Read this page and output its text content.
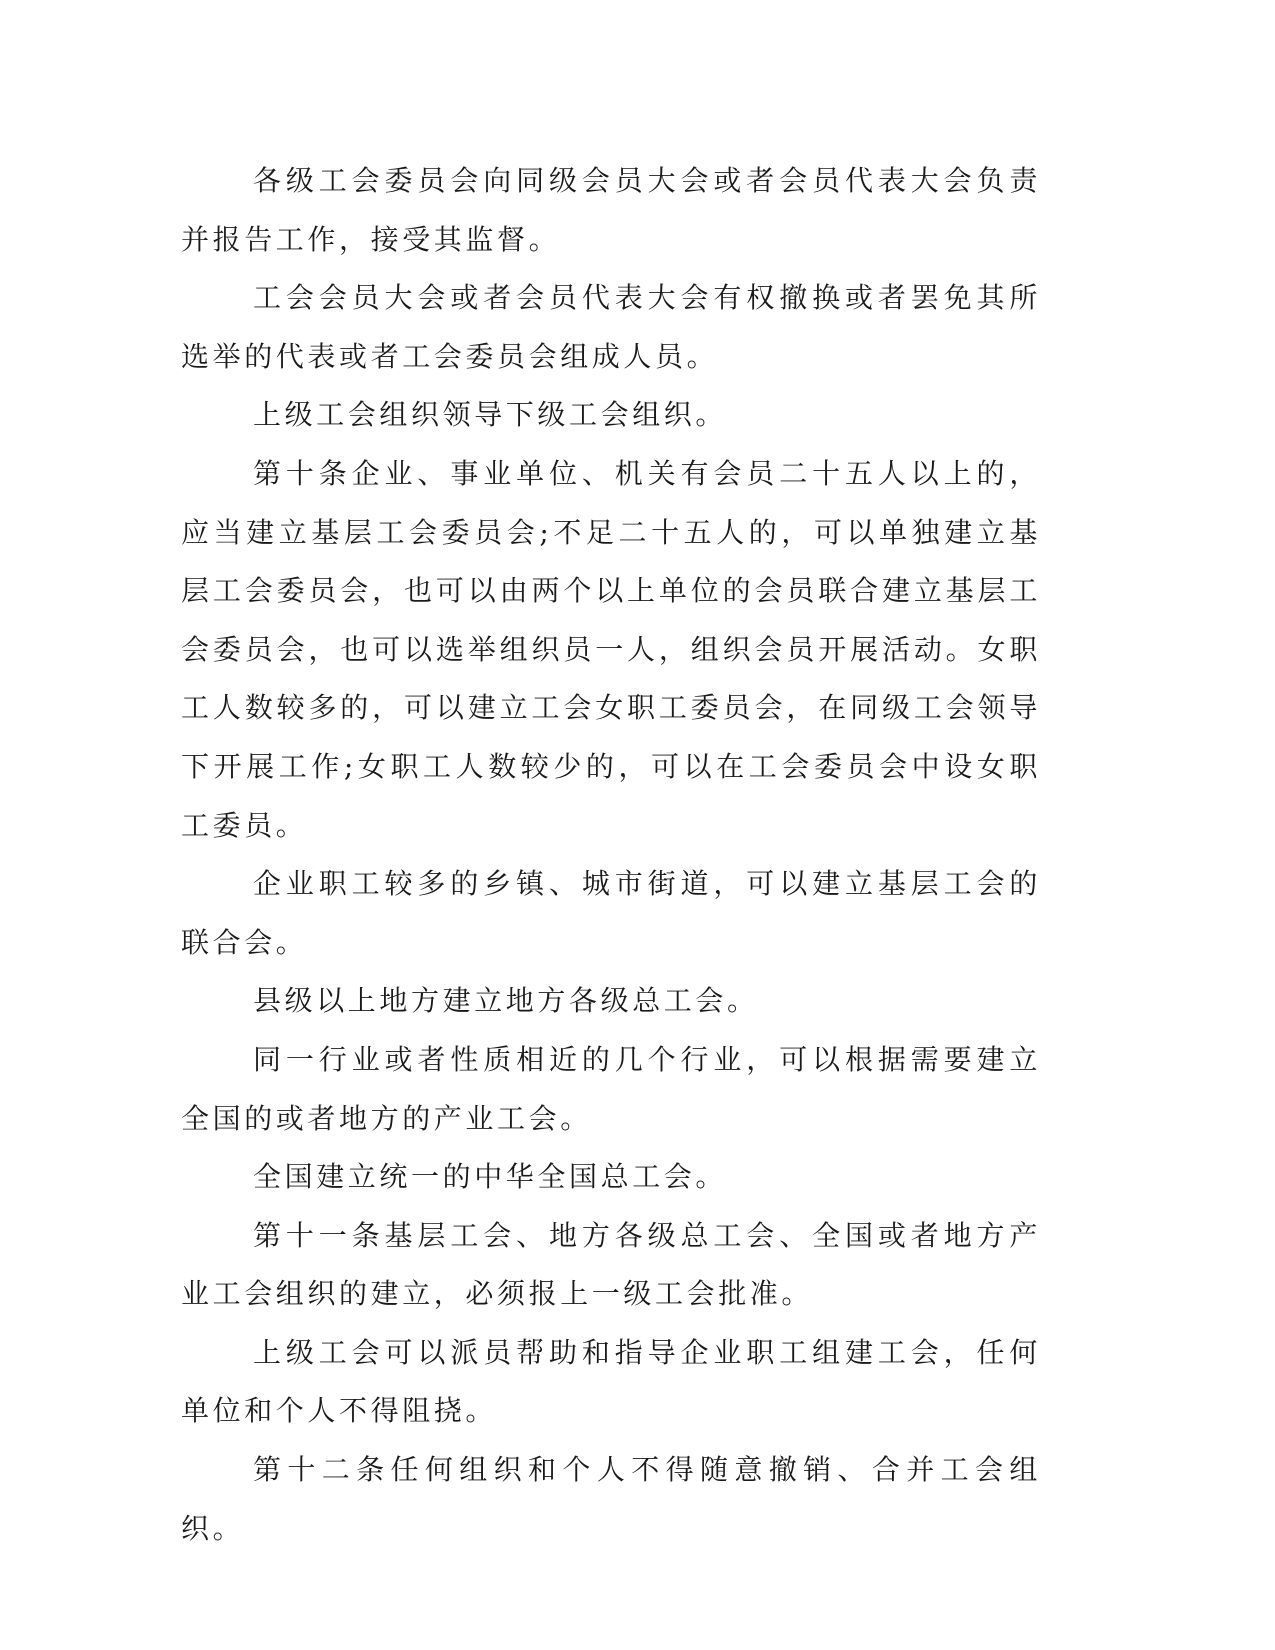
各级工会委员会向同级会员大会或者会员代表大会负责并报告工作，接受其监督。

工会会员大会或者会员代表大会有权撤换或者罢免其所选举的代表或者工会委员会组成人员。

上级工会组织领导下级工会组织。

第十条企业、事业单位、机关有会员二十五人以上的，应当建立基层工会委员会;不足二十五人的，可以单独建立基层工会委员会，也可以由两个以上单位的会员联合建立基层工会委员会，也可以选举组织员一人，组织会员开展活动。女职工人数较多的，可以建立工会女职工委员会，在同级工会领导下开展工作;女职工人数较少的，可以在工会委员会中设女职工委员。

企业职工较多的乡镇、城市街道，可以建立基层工会的联合会。

县级以上地方建立地方各级总工会。

同一行业或者性质相近的几个行业，可以根据需要建立全国的或者地方的产业工会。

全国建立统一的中华全国总工会。

第十一条基层工会、地方各级总工会、全国或者地方产业工会组织的建立，必须报上一级工会批准。

上级工会可以派员帮助和指导企业职工组建工会，任何单位和个人不得阻挠。

第十二条任何组织和个人不得随意撤销、合并工会组织。
